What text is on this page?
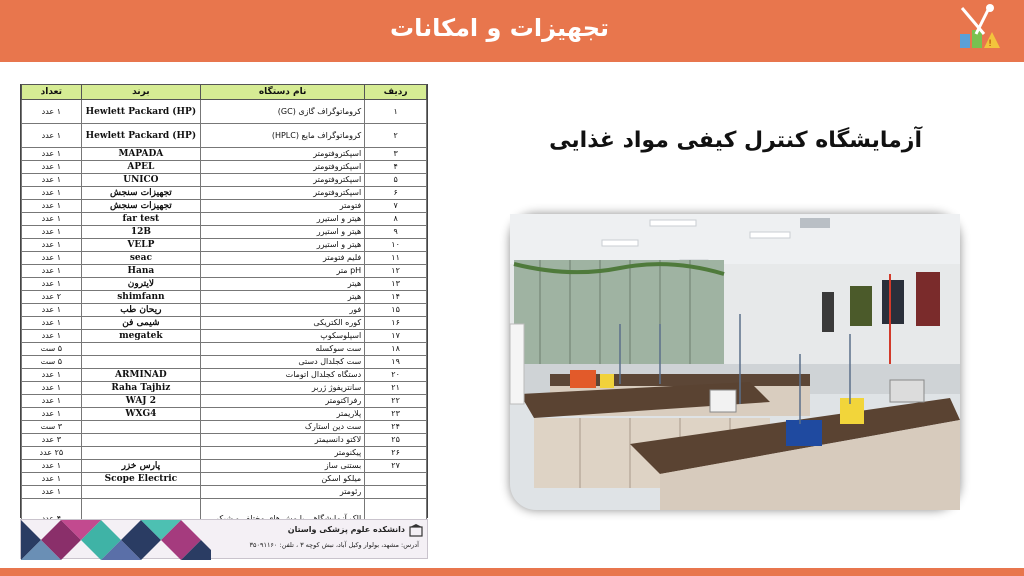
تجهیزات و امکانات
!
ردیف	نام دستگاه	برند	تعداد
۱	کروماتوگراف گازی (GC)	Hewlett Packard (HP)	۱ عدد
۲	کروماتوگراف مایع (HPLC)	Hewlett Packard (HP)	۱ عدد
۳	اسپکتروفتومتر	MAPADA	۱ عدد
۴	اسپکتروفتومتر	APEL	۱ عدد
۵	اسپکتروفتومتر	UNICO	۱ عدد
۶	اسپکتروفتومتر	تجهیزات سنجش	۱ عدد
۷	فتومتر	تجهیزات سنجش	۱ عدد
۸	هیتر و استیرر	far test	۱ عدد
۹	هیتر و استیرر	12B	۱ عدد
۱۰	هیتر و استیرر	VELP	۱ عدد
۱۱	فلیم فتومتر	seac	۱ عدد
۱۲	pH متر	Hana	۱ عدد
۱۳	هیتر	لایترون	۱ عدد
۱۴	هیتر	shimfann	۲ عدد
۱۵	فور	ریحان طب	۱ عدد
۱۶	کوره الکتریکی	شیمی فن	۱ عدد
۱۷	اسپلوسکوپ	megatek	۱ عدد
۱۸	ست سوکسله		۵ ست
۱۹	ست کجلدال دستی		۵ ست
۲۰	دستگاه کجلدال اتومات	ARMINAD	۱ عدد
۲۱	سانتریفوژ ژربر	Raha Tajhiz	۱ عدد
۲۲	رفراکتومتر	WAJ 2	۱ عدد
۲۳	پلاریمتر	WXG4	۱ عدد
۲۴	ست دین استارک		۳ ست
۲۵	لاکتو دانسیمتر		۳ عدد
۲۶	پیکنومتر		۲۵ عدد
۲۷	بستنی ساز	پارس خزر	۱ عدد
	میلکو اسکن	Scope Electric	۱ عدد
	رئومتر		۱ عدد

دانشکده علوم پزشکی واستان
آدرس: مشهد، بولوار وکیل آباد، نبش کوچه ۳ ، تلفن: ۳۵۰۹۱۱۶۰
آزمایشگاه کنترل کیفی مواد غذایی
